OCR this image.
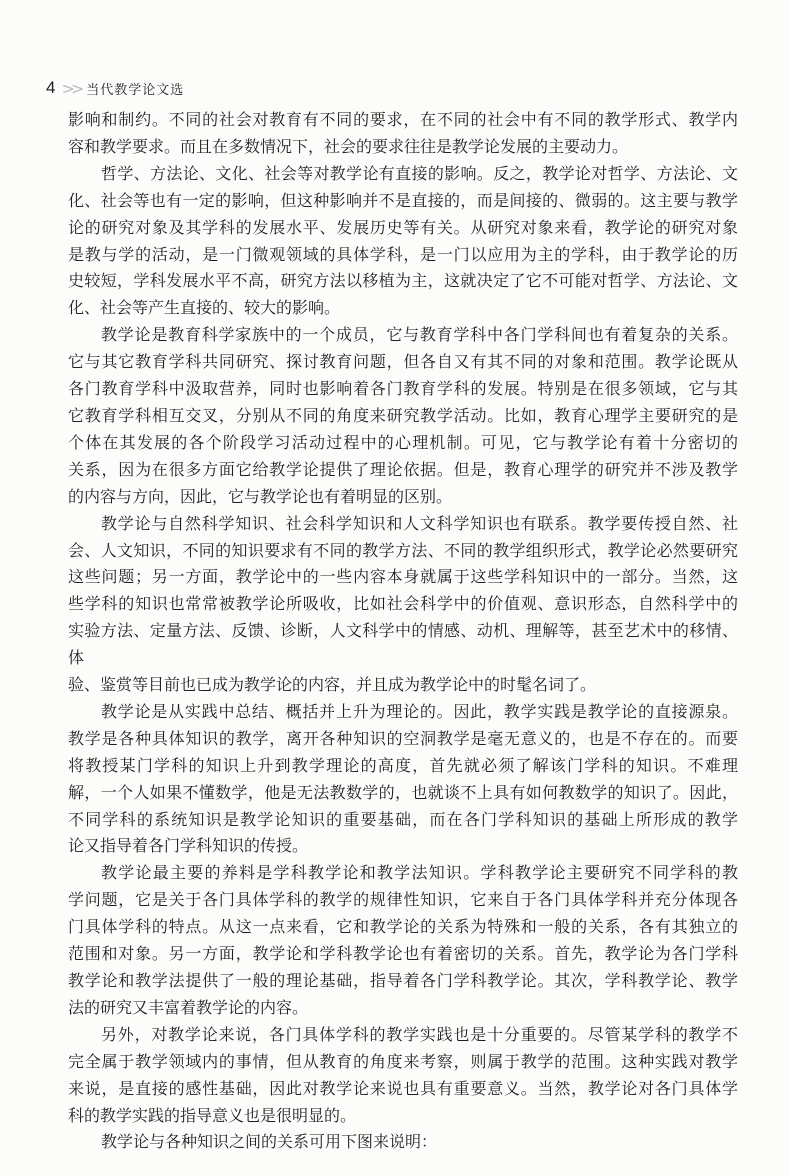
4 >> 当代教学论文选
影响和制约。不同的社会对教育有不同的要求，在不同的社会中有不同的教学形式、教学内
容和教学要求。而且在多数情况下，社会的要求往往是教学论发展的主要动力。
哲学、方法论、文化、社会等对教学论有直接的影响。反之，教学论对哲学、方法论、文
化、社会等也有一定的影响，但这种影响并不是直接的，而是间接的、微弱的。这主要与教学
论的研究对象及其学科的发展水平、发展历史等有关。从研究对象来看，教学论的研究对象
是教与学的活动，是一门微观领域的具体学科，是一门以应用为主的学科，由于教学论的历
史较短，学科发展水平不高，研究方法以移植为主，这就决定了它不可能对哲学、方法论、文
化、社会等产生直接的、较大的影响。
教学论是教育科学家族中的一个成员，它与教育学科中各门学科间也有着复杂的关系。
它与其它教育学科共同研究、探讨教育问题，但各自又有其不同的对象和范围。教学论既从
各门教育学科中汲取营养，同时也影响着各门教育学科的发展。特别是在很多领域，它与其
它教育学科相互交叉，分别从不同的角度来研究教学活动。比如，教育心理学主要研究的是
个体在其发展的各个阶段学习活动过程中的心理机制。可见，它与教学论有着十分密切的
关系，因为在很多方面它给教学论提供了理论依据。但是，教育心理学的研究并不涉及教学
的内容与方向，因此，它与教学论也有着明显的区别。
教学论与自然科学知识、社会科学知识和人文科学知识也有联系。教学要传授自然、社
会、人文知识，不同的知识要求有不同的教学方法、不同的教学组织形式，教学论必然要研究
这些问题；另一方面，教学论中的一些内容本身就属于这些学科知识中的一部分。当然，这
些学科的知识也常常被教学论所吸收，比如社会科学中的价值观、意识形态，自然科学中的
实验方法、定量方法、反馈、诊断，人文科学中的情感、动机、理解等，甚至艺术中的移情、体
验、鉴赏等目前也已成为教学论的内容，并且成为教学论中的时髦名词了。
教学论是从实践中总结、概括并上升为理论的。因此，教学实践是教学论的直接源泉。
教学是各种具体知识的教学，离开各种知识的空洞教学是毫无意义的，也是不存在的。而要
将教授某门学科的知识上升到教学理论的高度，首先就必须了解该门学科的知识。不难理
解，一个人如果不懂数学，他是无法教数学的，也就谈不上具有如何教数学的知识了。因此，
不同学科的系统知识是教学论知识的重要基础，而在各门学科知识的基础上所形成的教学
论又指导着各门学科知识的传授。
教学论最主要的养料是学科教学论和教学法知识。学科教学论主要研究不同学科的教
学问题，它是关于各门具体学科的教学的规律性知识，它来自于各门具体学科并充分体现各
门具体学科的特点。从这一点来看，它和教学论的关系为特殊和一般的关系，各有其独立的
范围和对象。另一方面，教学论和学科教学论也有着密切的关系。首先，教学论为各门学科
教学论和教学法提供了一般的理论基础，指导着各门学科教学论。其次，学科教学论、教学
法的研究又丰富着教学论的内容。
另外，对教学论来说，各门具体学科的教学实践也是十分重要的。尽管某学科的教学不
完全属于教学领域内的事情，但从教育的角度来考察，则属于教学的范围。这种实践对教学
来说，是直接的感性基础，因此对教学论来说也具有重要意义。当然，教学论对各门具体学
科的教学实践的指导意义也是很明显的。
教学论与各种知识之间的关系可用下图来说明：
